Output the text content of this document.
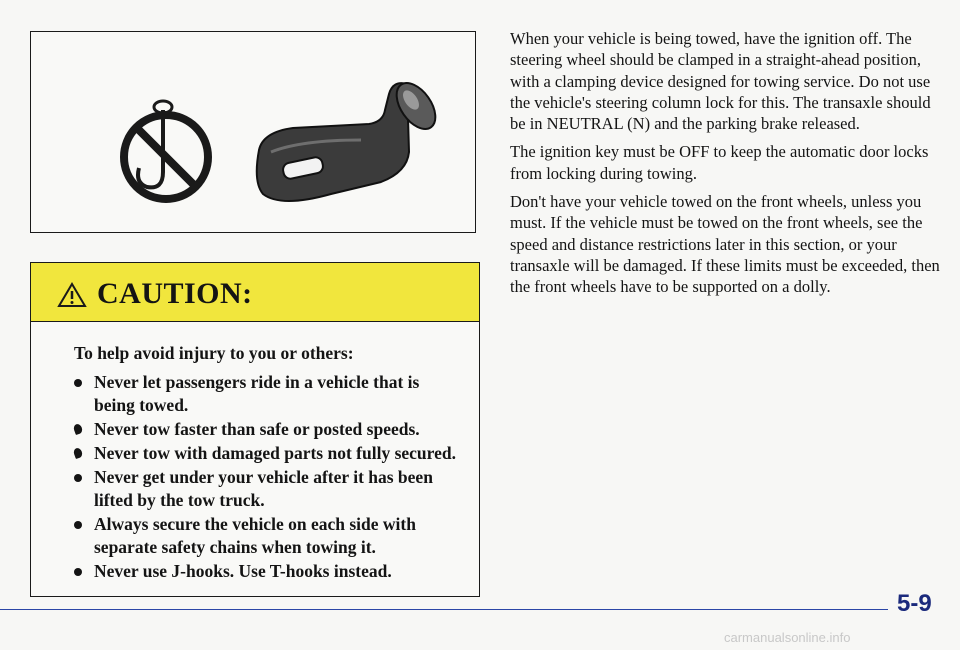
CAUTION:
To help avoid injury to you or others:
Never let passengers ride in a vehicle that is being towed.
Never tow faster than safe or posted speeds.
Never tow with damaged parts not fully secured.
Never get under your vehicle after it has been lifted by the tow truck.
Always secure the vehicle on each side with separate safety chains when towing it.
Never use J-hooks. Use T-hooks instead.

When your vehicle is being towed, have the ignition off. The steering wheel should be clamped in a straight-ahead position, with a clamping device designed for towing service. Do not use the vehicle's steering column lock for this. The transaxle should be in NEUTRAL (N) and the parking brake released.

The ignition key must be OFF to keep the automatic door locks from locking during towing.

Don't have your vehicle towed on the front wheels, unless you must. If the vehicle must be towed on the front wheels, see the speed and distance restrictions later in this section, or your transaxle will be damaged. If these limits must be exceeded, then the front wheels have to be supported on a dolly.

5-9
carmanualsonline.info
